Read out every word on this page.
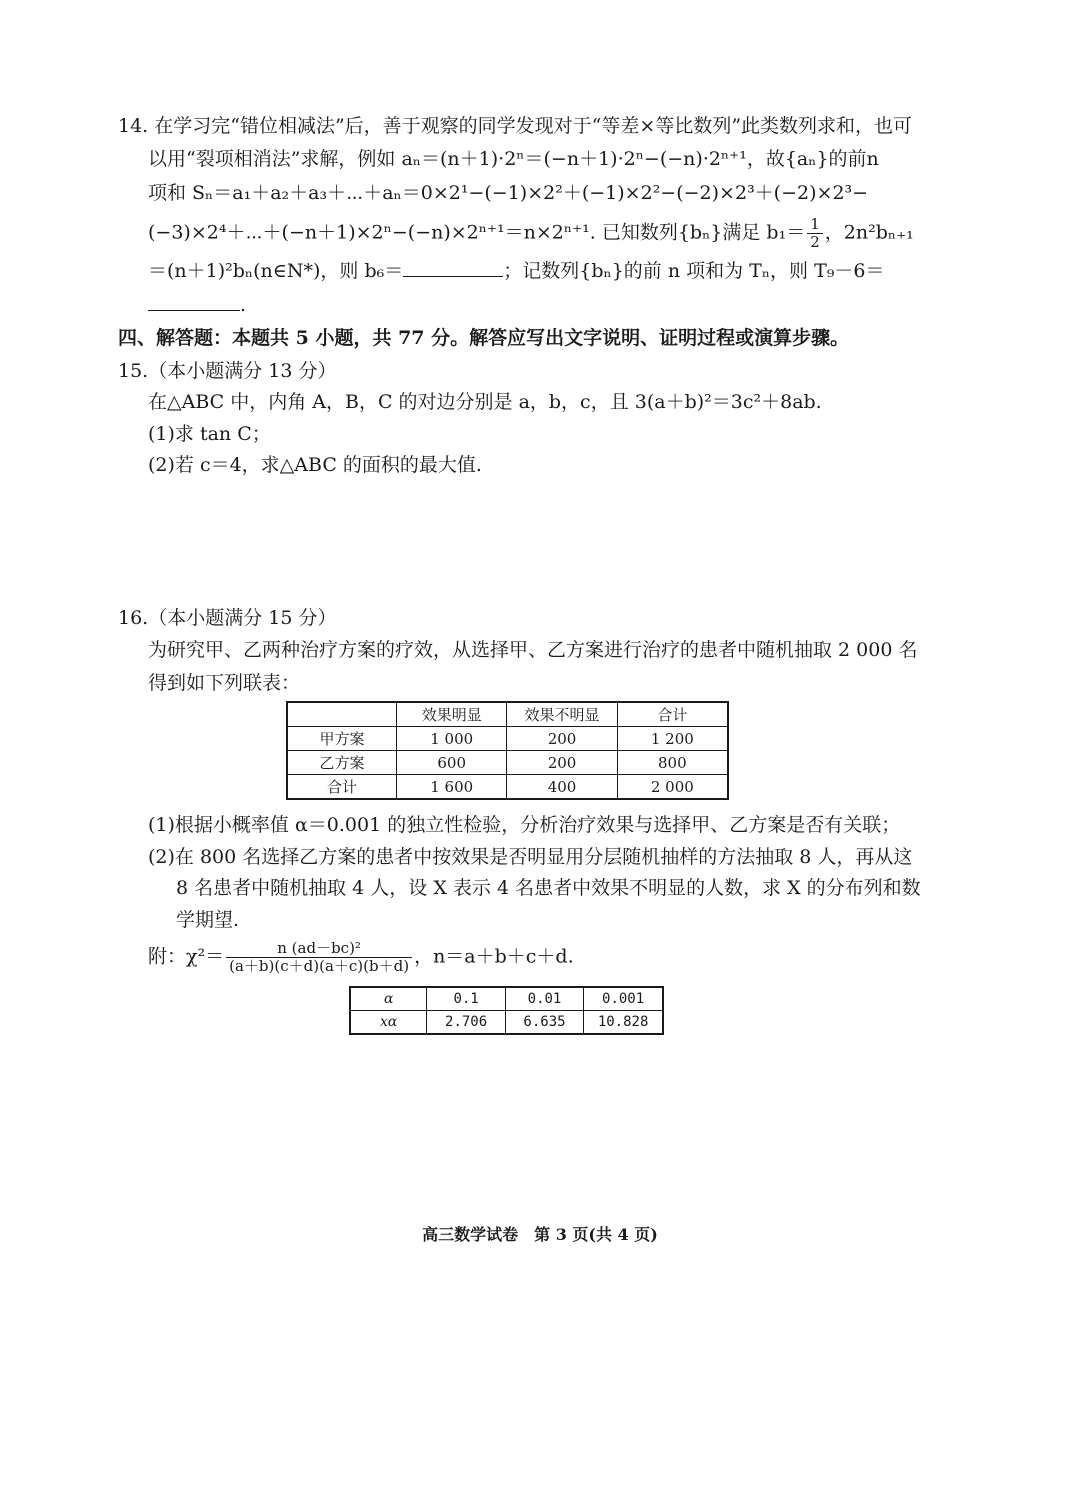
14. 在学习完“错位相减法”后，善于观察的同学发现对于“等差×等比数列”此类数列求和，也可
以用“裂项相消法”求解，例如 aₙ＝(n＋1)·2ⁿ＝(−n＋1)·2ⁿ−(−n)·2ⁿ⁺¹，故{aₙ}的前n
项和 Sₙ＝a₁＋a₂＋a₃＋⋯＋aₙ＝0×2¹−(−1)×2²＋(−1)×2²−(−2)×2³＋(−2)×2³−
(−3)×2⁴＋⋯＋(−n＋1)×2ⁿ−(−n)×2ⁿ⁺¹＝n×2ⁿ⁺¹. 已知数列{bₙ}满足 $b_1= \frac{1}{2}$ ，2n²bₙ₊₁
＝(n＋1)²bₙ(n∈N*)，则 b₆＝	；记数列{bₙ}的前 n 项和为 Tₙ，则 T₉－6＝
.
四、解答题：本题共 5 小题，共 77 分。解答应写出文字说明、证明过程或演算步骤。
15.（本小题满分 13 分）
在△ABC 中，内角 A，B，C 的对边分别是 a，b，c，且 3(a＋b)²＝3c²＋8ab.
(1)求 tan C；
(2)若 c＝4，求△ABC 的面积的最大值.
16.（本小题满分 15 分）
为研究甲、乙两种治疗方案的疗效，从选择甲、乙方案进行治疗的患者中随机抽取 2 000 名
得到如下列联表：
	效果明显	效果不明显	合计
甲方案	1 000	200	1 200
乙方案	600	200	800
合计	1 600	400	2 000
(1)根据小概率值 α＝0.001 的独立性检验，分析治疗效果与选择甲、乙方案是否有关联；
(2)在 800 名选择乙方案的患者中按效果是否明显用分层随机抽样的方法抽取 8 人，再从这
8 名患者中随机抽取 4 人，设 X 表示 4 名患者中效果不明显的人数，求 X 的分布列和数
学期望.
附：$\chi^2= \frac{\text{n (ad－bc)²}}{(a+b)(c+d)(a+c)(b+d)}$ ，n＝a＋b＋c＋d.
α	0.1	0.01	0.001
xα	2.706	6.635	10.828
高三数学试卷　第 3 页(共 4 页)
